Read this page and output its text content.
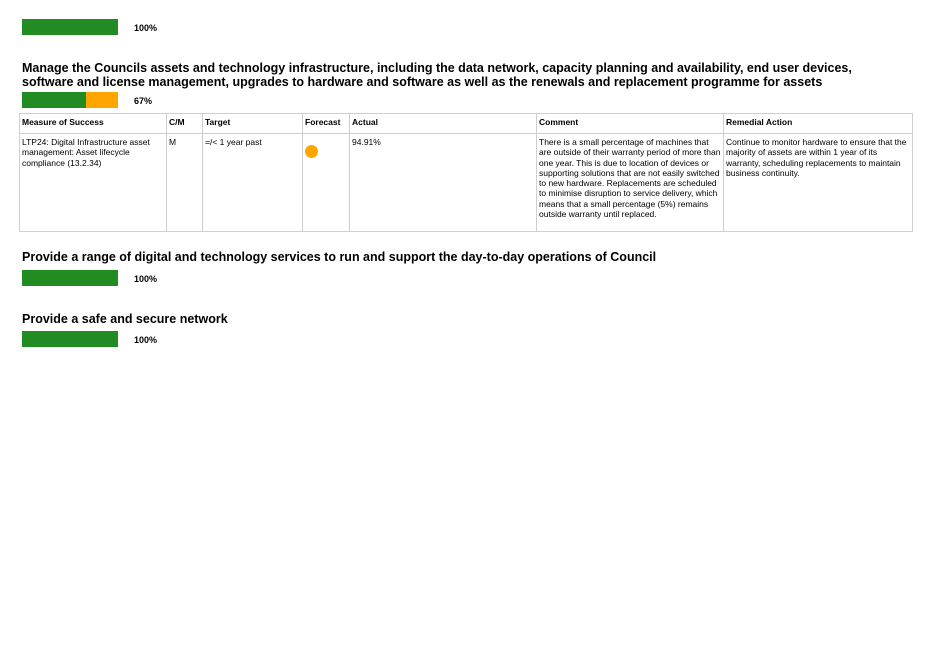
100%
Manage the Councils assets and technology infrastructure, including the data network, capacity planning and availability, end user devices, software and license management, upgrades to hardware and software as well as the renewals and replacement programme for assets
67%
Measure of Success	C/M	Target	Forecast	Actual	Comment	Remedial Action
LTP24: Digital Infrastructure asset management: Asset lifecycle compliance (13.2.34)	M	=/< 1 year past		94.91%	There is a small percentage of machines that are outside of their warranty period of more than one year. This is due to location of devices or supporting solutions that are not easily switched to new hardware. Replacements are scheduled to minimise disruption to service delivery, which means that a small percentage (5%) remains outside warranty until replaced.	Continue to monitor hardware to ensure that the majority of assets are within 1 year of its warranty, scheduling replacements to maintain business continuity.
Provide a range of digital and technology services to run and support the day-to-day operations of Council
100%
Provide a safe and secure network
100%
